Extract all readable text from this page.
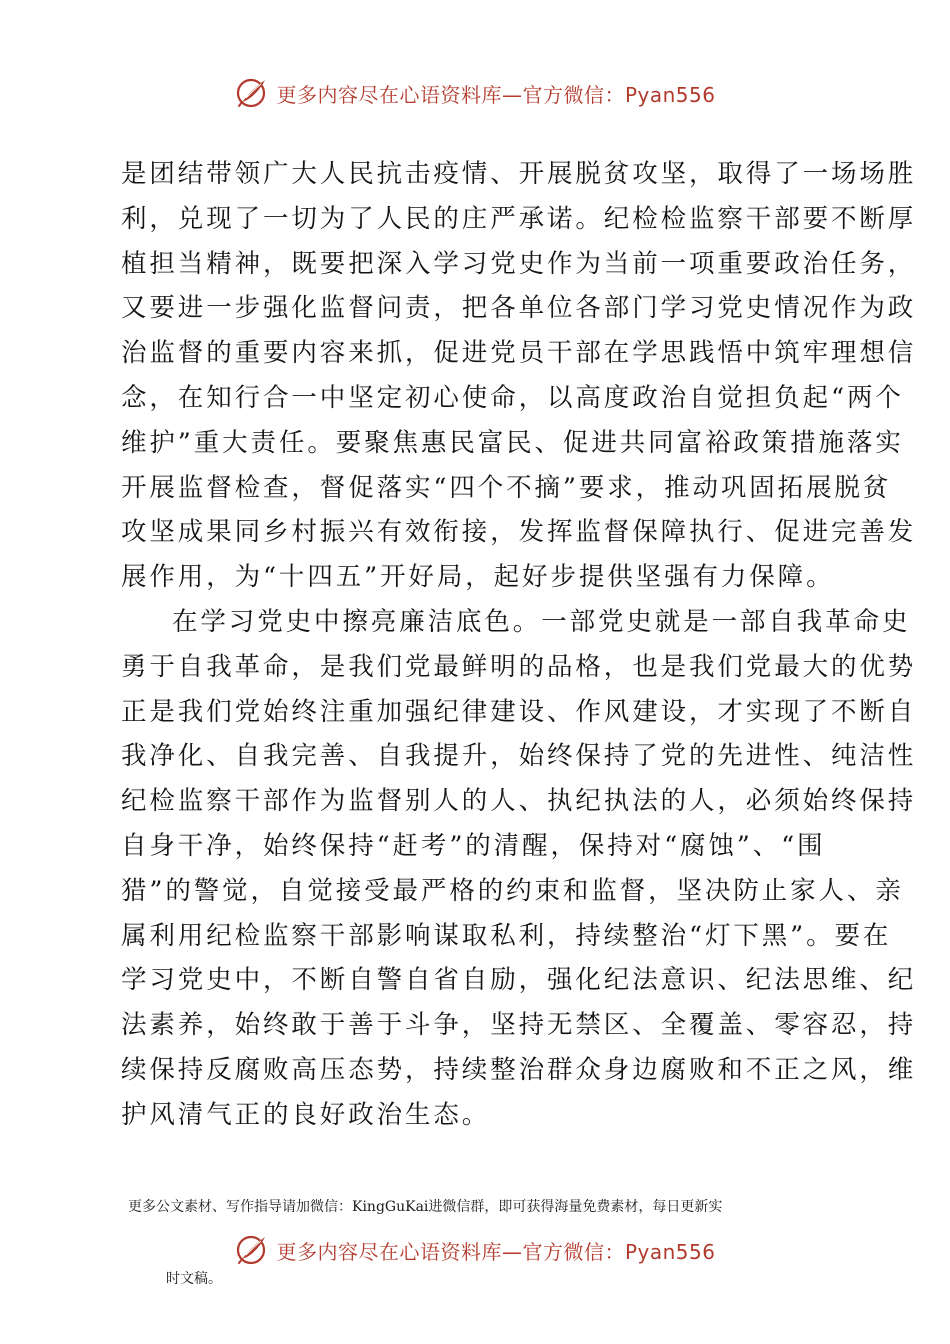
更多内容尽在心语资料库—官方微信：Pyan556
是团结带领广大人民抗击疫情、开展脱贫攻坚，取得了一场场胜
利，兑现了一切为了人民的庄严承诺。纪检检监察干部要不断厚
植担当精神，既要把深入学习党史作为当前一项重要政治任务，
又要进一步强化监督问责，把各单位各部门学习党史情况作为政
治监督的重要内容来抓，促进党员干部在学思践悟中筑牢理想信
念，在知行合一中坚定初心使命，以高度政治自觉担负起“两个
维护”重大责任。要聚焦惠民富民、促进共同富裕政策措施落实
开展监督检查，督促落实“四个不摘”要求，推动巩固拓展脱贫
攻坚成果同乡村振兴有效衔接，发挥监督保障执行、促进完善发
展作用，为“十四五”开好局，起好步提供坚强有力保障。
在学习党史中擦亮廉洁底色。一部党史就是一部自我革命史
勇于自我革命，是我们党最鲜明的品格，也是我们党最大的优势
正是我们党始终注重加强纪律建设、作风建设，才实现了不断自
我净化、自我完善、自我提升，始终保持了党的先进性、纯洁性
纪检监察干部作为监督别人的人、执纪执法的人，必须始终保持
自身干净，始终保持“赶考”的清醒，保持对“腐蚀”、“围
猎”的警觉，自觉接受最严格的约束和监督，坚决防止家人、亲
属利用纪检监察干部影响谋取私利，持续整治“灯下黑”。要在
学习党史中，不断自警自省自励，强化纪法意识、纪法思维、纪
法素养，始终敢于善于斗争，坚持无禁区、全覆盖、零容忍，持
续保持反腐败高压态势，持续整治群众身边腐败和不正之风，维
护风清气正的良好政治生态。
更多公文素材、写作指导请加微信：KingGuKai进微信群，即可获得海量免费素材，每日更新实
更多内容尽在心语资料库—官方微信：Pyan556
时文稿。
